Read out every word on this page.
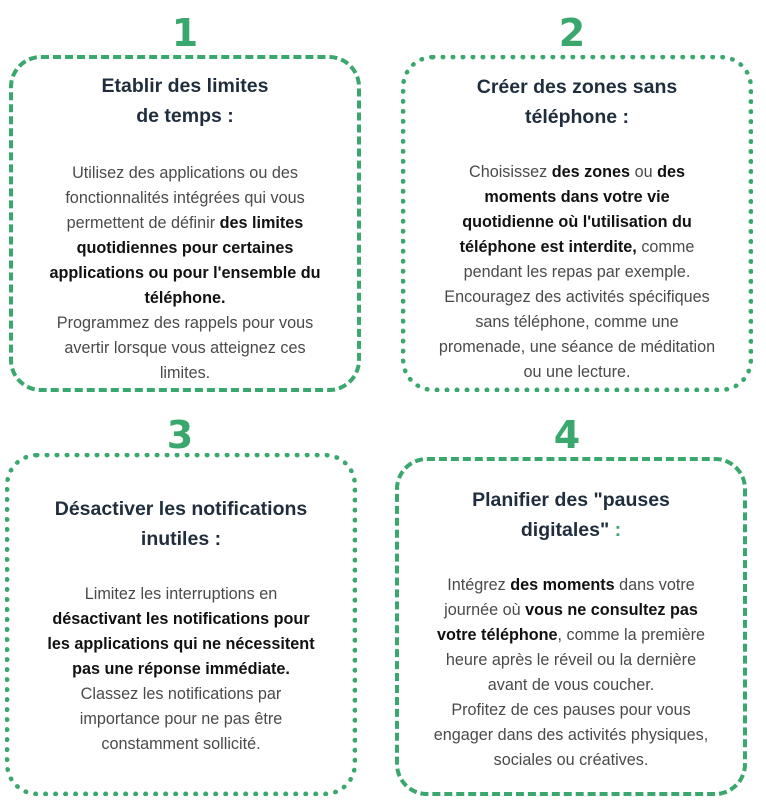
1	2
3	4
Etablir des limites
de temps :
Utilisez des applications ou des
fonctionnalités intégrées qui vous
permettent de définir des limites
quotidiennes pour certaines
applications ou pour l'ensemble du
téléphone.
Programmez des rappels pour vous
avertir lorsque vous atteignez ces
limites.
Créer des zones sans
téléphone :
Choisissez des zones ou des
moments dans votre vie
quotidienne où l'utilisation du
téléphone est interdite, comme
pendant les repas par exemple.
Encouragez des activités spécifiques
sans téléphone, comme une
promenade, une séance de méditation
ou une lecture.
Désactiver les notifications
inutiles :
Limitez les interruptions en
désactivant les notifications pour
les applications qui ne nécessitent
pas une réponse immédiate.
Classez les notifications par
importance pour ne pas être
constamment sollicité.
Planifier des "pauses
digitales" :
Intégrez des moments dans votre
journée où vous ne consultez pas
votre téléphone, comme la première
heure après le réveil ou la dernière
avant de vous coucher.
Profitez de ces pauses pour vous
engager dans des activités physiques,
sociales ou créatives.
